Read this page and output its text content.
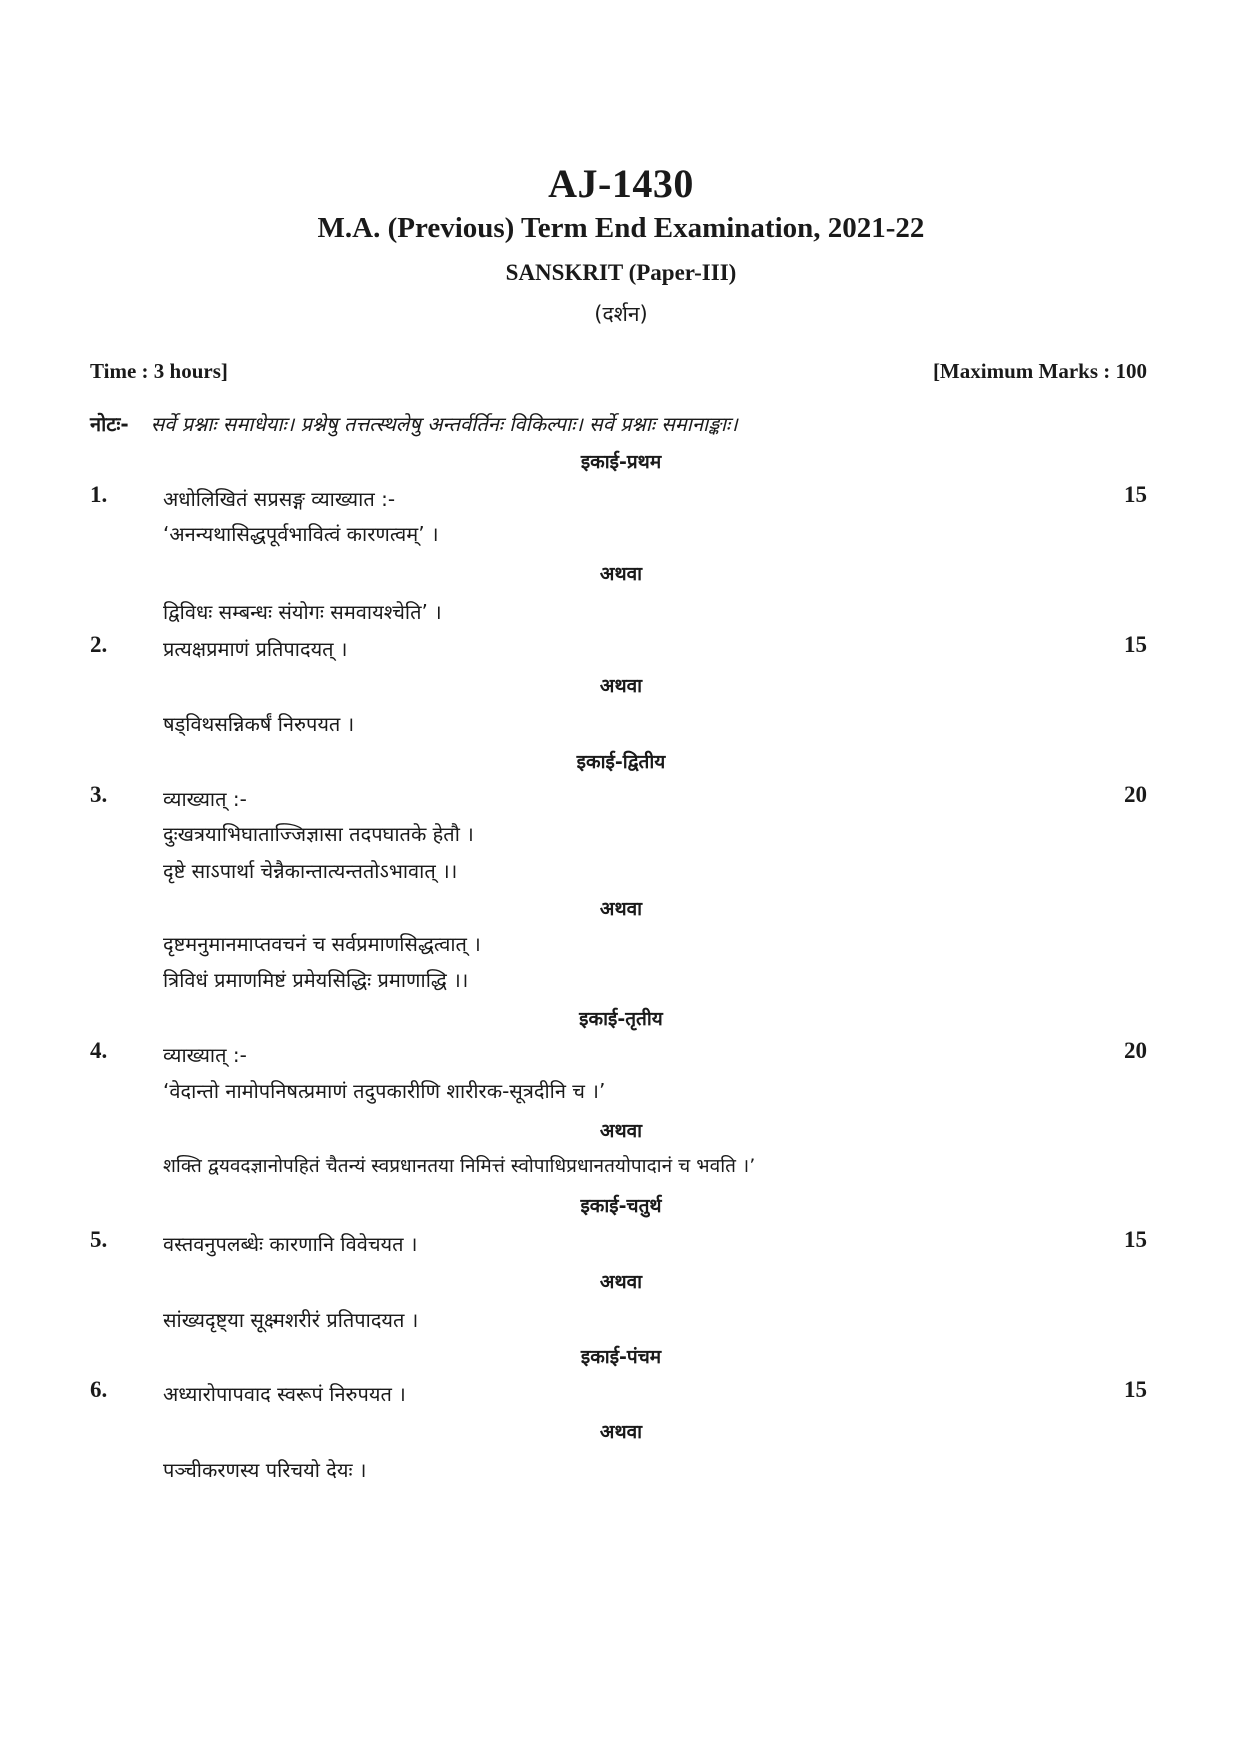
AJ-1430
M.A. (Previous) Term End Examination, 2021-22
SANSKRIT (Paper-III)
(दर्शन)
Time : 3 hours]	[Maximum Marks : 100
नोटः- सर्वे प्रश्नाः समाधेयाः। प्रश्नेषु तत्तत्स्थलेषु अन्तर्वर्तिनः विकिल्पाः। सर्वे प्रश्नाः समानाङ्काः।
इकाई-प्रथम
1.	15
अधोलिखितं सप्रसङ्ग व्याख्यात :-
‘अनन्यथासिद्धपूर्वभावित्वं कारणत्वम्’ ।
अथवा
द्विविधः सम्बन्धः संयोगः समवायश्चेति’ ।
2.	15
प्रत्यक्षप्रमाणं प्रतिपादयत् ।
अथवा
षड्विथसन्निकर्षं निरुपयत ।
इकाई-द्वितीय
3.	20
व्याख्यात् :-
दुःखत्रयाभिघाताज्जिज्ञासा तदपघातके हेतौ ।
दृष्टे साऽपार्था चेन्नैकान्तात्यन्ततोऽभावात् ।।
अथवा
दृष्टमनुमानमाप्तवचनं च सर्वप्रमाणसिद्धत्वात् ।
त्रिविधं प्रमाणमिष्टं प्रमेयसिद्धिः प्रमाणाद्धि ।।
इकाई-तृतीय
4.	20
व्याख्यात् :-
‘वेदान्तो नामोपनिषत्प्रमाणं तदुपकारीणि शारीरक-सूत्रदीनि च ।’
अथवा
शक्ति द्वयवदज्ञानोपहितं चैतन्यं स्वप्रधानतया निमित्तं स्वोपाधिप्रधानतयोपादानं च भवति ।’
इकाई-चतुर्थ
5.	15
वस्तवनुपलब्धेः कारणानि विवेचयत ।
अथवा
सांख्यदृष्ट्या सूक्ष्मशरीरं प्रतिपादयत ।
इकाई-पंचम
6.	15
अध्यारोपापवाद स्वरूपं निरुपयत ।
अथवा
पञ्चीकरणस्य परिचयो देयः ।
